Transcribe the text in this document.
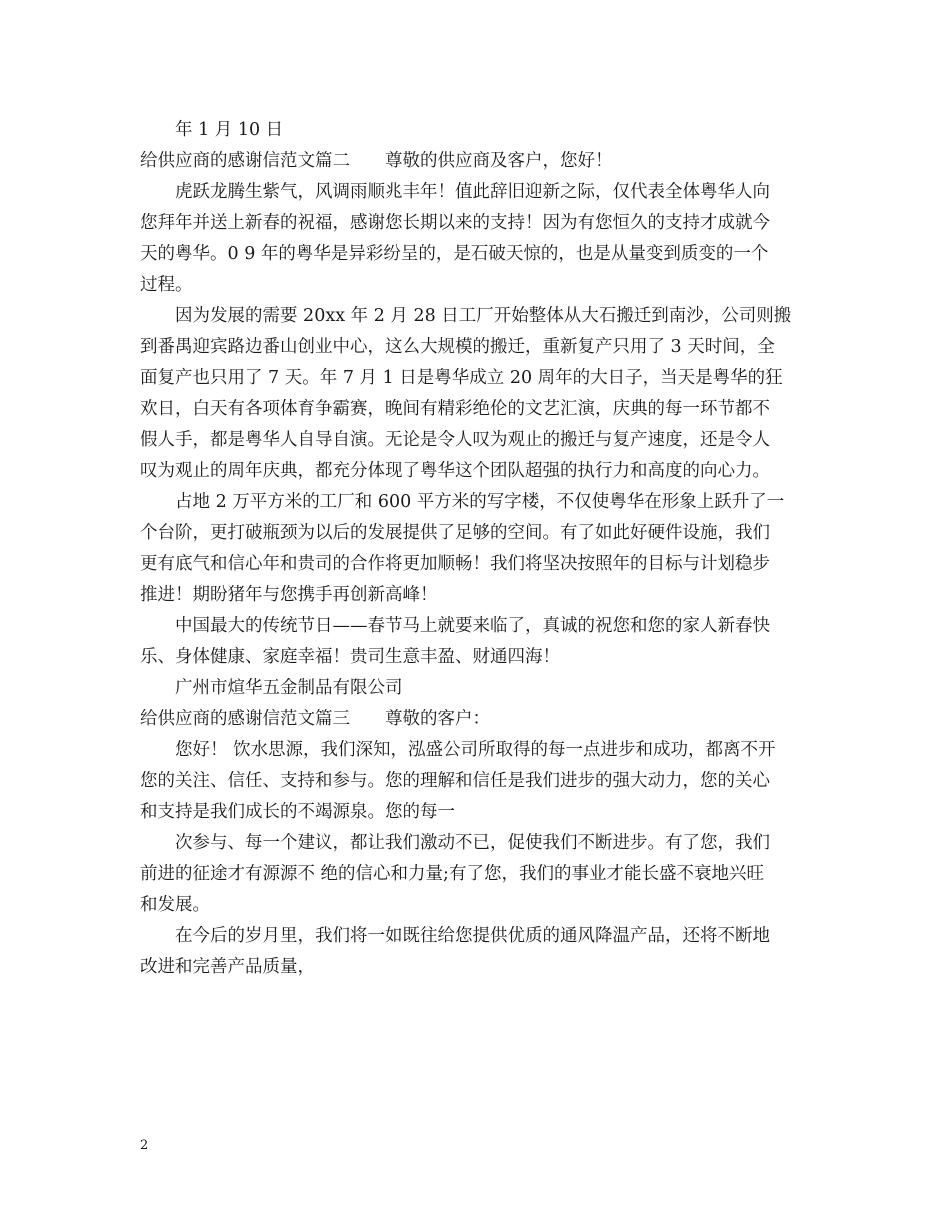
年 1 月 10 日
给供应商的感谢信范文篇二　　尊敬的供应商及客户，您好！
虎跃龙腾生紫气，风调雨顺兆丰年！值此辞旧迎新之际，仅代表全体粤华人向
您拜年并送上新春的祝福，感谢您长期以来的支持！因为有您恒久的支持才成就今
天的粤华。0 9 年的粤华是异彩纷呈的，是石破天惊的，也是从量变到质变的一个
过程。
因为发展的需要 20xx 年 2 月 28 日工厂开始整体从大石搬迁到南沙，公司则搬
到番禺迎宾路边番山创业中心，这么大规模的搬迁，重新复产只用了 3 天时间，全
面复产也只用了 7 天。年 7 月 1 日是粤华成立 20 周年的大日子，当天是粤华的狂
欢日，白天有各项体育争霸赛，晚间有精彩绝伦的文艺汇演，庆典的每一环节都不
假人手，都是粤华人自导自演。无论是令人叹为观止的搬迁与复产速度，还是令人
叹为观止的周年庆典，都充分体现了粤华这个团队超强的执行力和高度的向心力。
占地 2 万平方米的工厂和 600 平方米的写字楼，不仅使粤华在形象上跃升了一
个台阶，更打破瓶颈为以后的发展提供了足够的空间。有了如此好硬件设施，我们
更有底气和信心年和贵司的合作将更加顺畅！我们将坚决按照年的目标与计划稳步
推进！期盼猪年与您携手再创新高峰！
中国最大的传统节日——春节马上就要来临了，真诚的祝您和您的家人新春快
乐、身体健康、家庭幸福！贵司生意丰盈、财通四海！
广州市煊华五金制品有限公司
给供应商的感谢信范文篇三　　尊敬的客户：
您好！ 饮水思源，我们深知，泓盛公司所取得的每一点进步和成功，都离不开
您的关注、信任、支持和参与。您的理解和信任是我们进步的强大动力，您的关心
和支持是我们成长的不竭源泉。您的每一
次参与、每一个建议，都让我们激动不已，促使我们不断进步。有了您，我们
前进的征途才有源源不 绝的信心和力量;有了您，我们的事业才能长盛不衰地兴旺
和发展。
在今后的岁月里，我们将一如既往给您提供优质的通风降温产品，还将不断地
改进和完善产品质量，
2
